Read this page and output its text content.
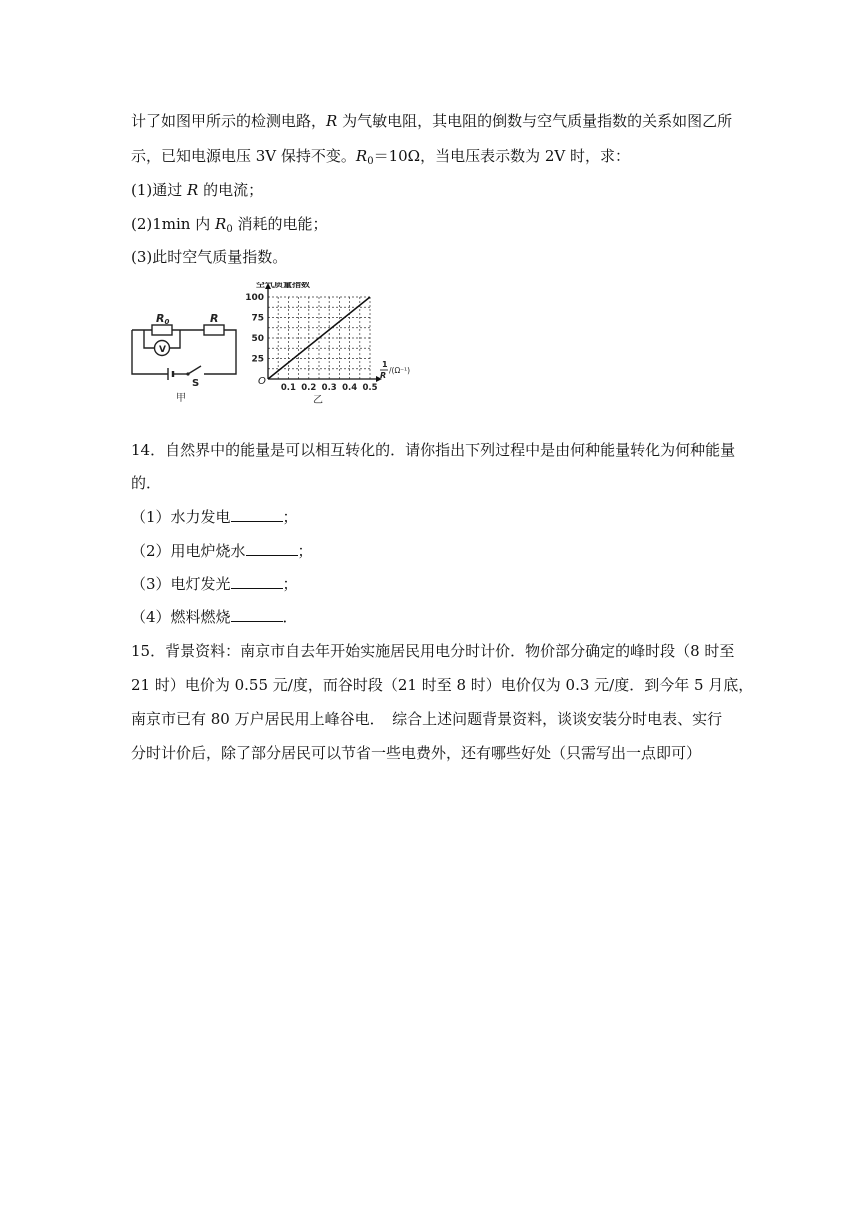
计了如图甲所示的检测电路，R 为气敏电阻，其电阻的倒数与空气质量指数的关系如图乙所
示，已知电源电压 3V 保持不变。$R_0=10\Omega$，当电压表示数为 2V 时，求：
(1)通过 R 的电流；
(2)1min 内 $R_0$ 消耗的电能；
(3)此时空气质量指数。
R0	R
V
S
甲
空气质量指数
25
50
75
100
0.1 0.2 0.3 0.4 0.5
O
1
R
/(Ω⁻¹)
乙
14．自然界中的能量是可以相互转化的．请你指出下列过程中是由何种能量转化为何种能量
的．
（1）水力发电	；
（2）用电炉烧水	；
（3）电灯发光	；
（4）燃料燃烧	．
15．背景资料：南京市自去年开始实施居民用电分时计价．物价部分确定的峰时段（8 时至
21 时）电价为 0.55 元/度，而谷时段（21 时至 8 时）电价仅为 0.3 元/度．到今年 5 月底，
南京市已有 80 万户居民用上峰谷电．　综合上述问题背景资料，谈谈安装分时电表、实行
分时计价后，除了部分居民可以节省一些电费外，还有哪些好处（只需写出一点即可）
